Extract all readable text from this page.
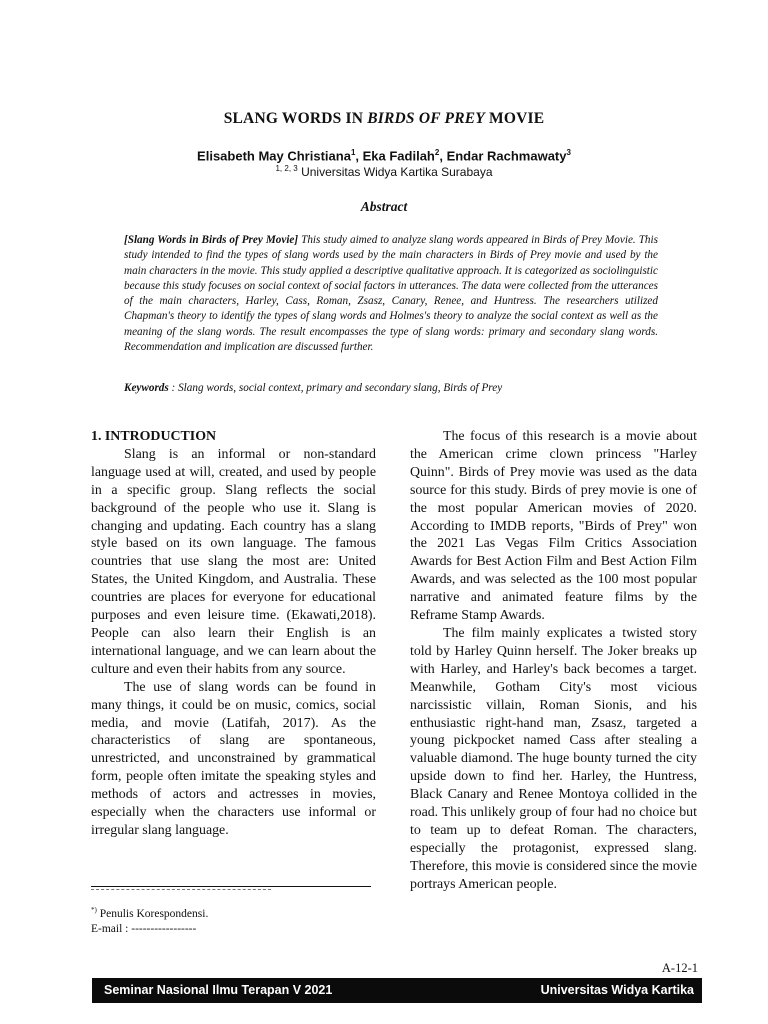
SLANG WORDS IN BIRDS OF PREY MOVIE
Elisabeth May Christiana$^1$, Eka Fadilah$^2$, Endar Rachmawaty$^3$
$^{1, 2, 3}$ Universitas Widya Kartika Surabaya
Abstract
[Slang Words in Birds of Prey Movie] This study aimed to analyze slang words appeared in Birds of Prey Movie. This study intended to find the types of slang words used by the main characters in Birds of Prey movie and used by the main characters in the movie. This study applied a descriptive qualitative approach. It is categorized as sociolinguistic because this study focuses on social context of social factors in utterances. The data were collected from the utterances of the main characters, Harley, Cass, Roman, Zsasz, Canary, Renee, and Huntress. The researchers utilized Chapman's theory to identify the types of slang words and Holmes's theory to analyze the social context as well as the meaning of the slang words. The result encompasses the type of slang words: primary and secondary slang words. Recommendation and implication are discussed further.
Keywords : Slang words, social context, primary and secondary slang, Birds of Prey
1. INTRODUCTION

Slang is an informal or non-standard language used at will, created, and used by people in a specific group. Slang reflects the social background of the people who use it. Slang is changing and updating. Each country has a slang style based on its own language. The famous countries that use slang the most are: United States, the United Kingdom, and Australia. These countries are places for everyone for educational purposes and even leisure time. (Ekawati,2018). People can also learn their English is an international language, and we can learn about the culture and even their habits from any source.

The use of slang words can be found in many things, it could be on music, comics, social media, and movie (Latifah, 2017). As the characteristics of slang are spontaneous, unrestricted, and unconstrained by grammatical form, people often imitate the speaking styles and methods of actors and actresses in movies, especially when the characters use informal or irregular slang language.

The focus of this research is a movie about the American crime clown princess "Harley Quinn". Birds of Prey movie was used as the data source for this study. Birds of prey movie is one of the most popular American movies of 2020. According to IMDB reports, "Birds of Prey" won the 2021 Las Vegas Film Critics Association Awards for Best Action Film and Best Action Film Awards, and was selected as the 100 most popular narrative and animated feature films by the Reframe Stamp Awards.

The film mainly explicates a twisted story told by Harley Quinn herself. The Joker breaks up with Harley, and Harley's back becomes a target. Meanwhile, Gotham City's most vicious narcissistic villain, Roman Sionis, and his enthusiastic right-hand man, Zsasz, targeted a young pickpocket named Cass after stealing a valuable diamond. The huge bounty turned the city upside down to find her. Harley, the Huntress, Black Canary and Renee Montoya collided in the road. This unlikely group of four had no choice but to team up to defeat Roman. The characters, especially the protagonist, expressed slang. Therefore, this movie is considered since the movie portrays American people.

*) Penulis Korespondensi.
E-mail : -----------------
A-12-1
Seminar Nasional Ilmu Terapan V 2021	Universitas Widya Kartika
